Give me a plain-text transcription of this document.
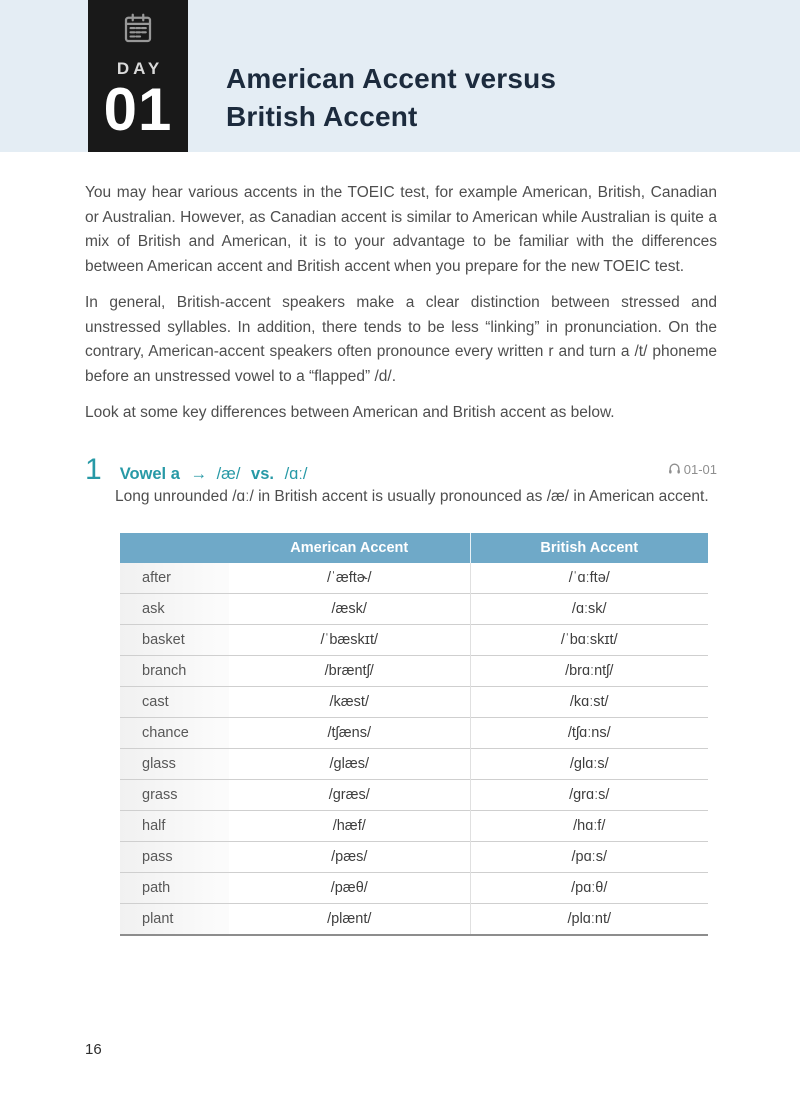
DAY
01 American Accent versus
British Accent

You may hear various accents in the TOEIC test, for example American, British, Canadian or Australian. However, as Canadian accent is similar to American while Australian is quite a mix of British and American, it is to your advantage to be familiar with the differences between American accent and British accent when you prepare for the new TOEIC test.

In general, British-accent speakers make a clear distinction between stressed and unstressed syllables. In addition, there tends to be less “linking” in pronunciation. On the contrary, American-accent speakers often pronounce every written r and turn a /t/ phoneme before an unstressed vowel to a “flapped” /d/.

Look at some key differences between American and British accent as below.

1 Vowel a → /æ/ vs. /ɑː/	01-01

Long unrounded /ɑː/ in British accent is usually pronounced as /æ/ in American accent.

	American Accent	British Accent
after	/ˈæftɚ/	/ˈɑːftə/
ask	/æsk/	/ɑːsk/
basket	/ˈbæskɪt/	/ˈbɑːskɪt/
branch	/bræntʃ/	/brɑːntʃ/
cast	/kæst/	/kɑːst/
chance	/tʃæns/	/tʃɑːns/
glass	/glæs/	/glɑːs/
grass	/græs/	/grɑːs/
half	/hæf/	/hɑːf/
pass	/pæs/	/pɑːs/
path	/pæθ/	/pɑːθ/
plant	/plænt/	/plɑːnt/
16
